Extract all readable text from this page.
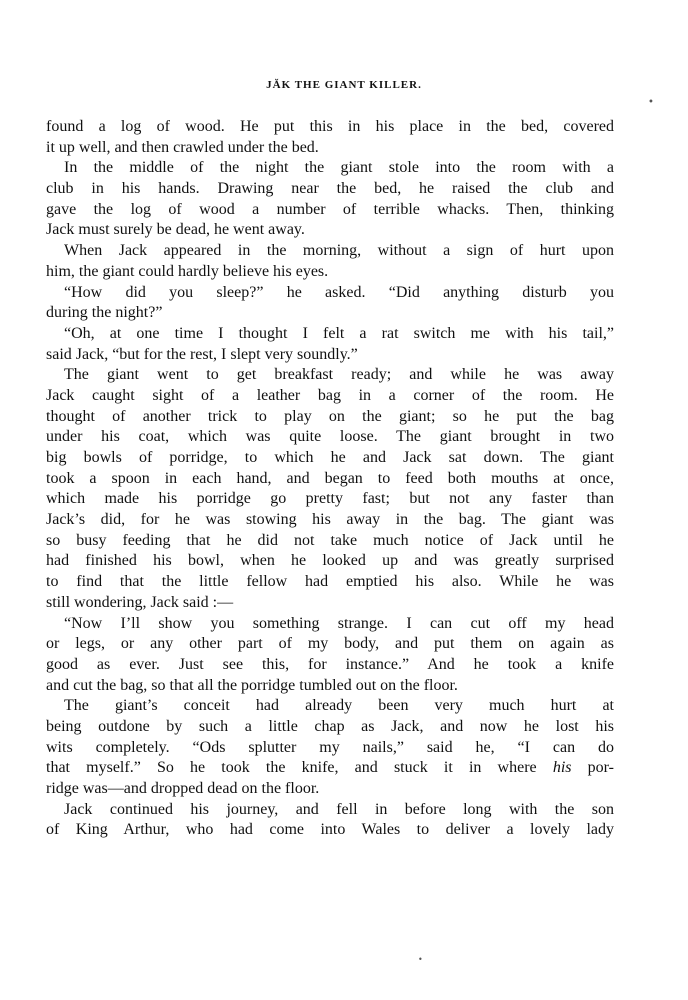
JĂK THE GIANT KILLER.
•
found a log of wood. He put this in his place in the bed, covered
it up well, and then crawled under the bed.
In the middle of the night the giant stole into the room with a
club in his hands. Drawing near the bed, he raised the club and
gave the log of wood a number of terrible whacks. Then, thinking
Jack must surely be dead, he went away.
When Jack appeared in the morning, without a sign of hurt upon
him, the giant could hardly believe his eyes.
“How did you sleep?” he asked. “Did anything disturb you
during the night?”
“Oh, at one time I thought I felt a rat switch me with his tail,”
said Jack, “but for the rest, I slept very soundly.”
The giant went to get breakfast ready; and while he was away
Jack caught sight of a leather bag in a corner of the room. He
thought of another trick to play on the giant; so he put the bag
under his coat, which was quite loose. The giant brought in two
big bowls of porridge, to which he and Jack sat down. The giant
took a spoon in each hand, and began to feed both mouths at once,
which made his porridge go pretty fast; but not any faster than
Jack’s did, for he was stowing his away in the bag. The giant was
so busy feeding that he did not take much notice of Jack until he
had finished his bowl, when he looked up and was greatly surprised
to find that the little fellow had emptied his also. While he was
still wondering, Jack said :—
“Now I’ll show you something strange. I can cut off my head
or legs, or any other part of my body, and put them on again as
good as ever. Just see this, for instance.” And he took a knife
and cut the bag, so that all the porridge tumbled out on the floor.
The giant’s conceit had already been very much hurt at
being outdone by such a little chap as Jack, and now he lost his
wits completely. “Ods splutter my nails,” said he, “I can do
that myself.” So he took the knife, and stuck it in where his por-
ridge was—and dropped dead on the floor.
Jack continued his journey, and fell in before long with the son
of King Arthur, who had come into Wales to deliver a lovely lady
•
